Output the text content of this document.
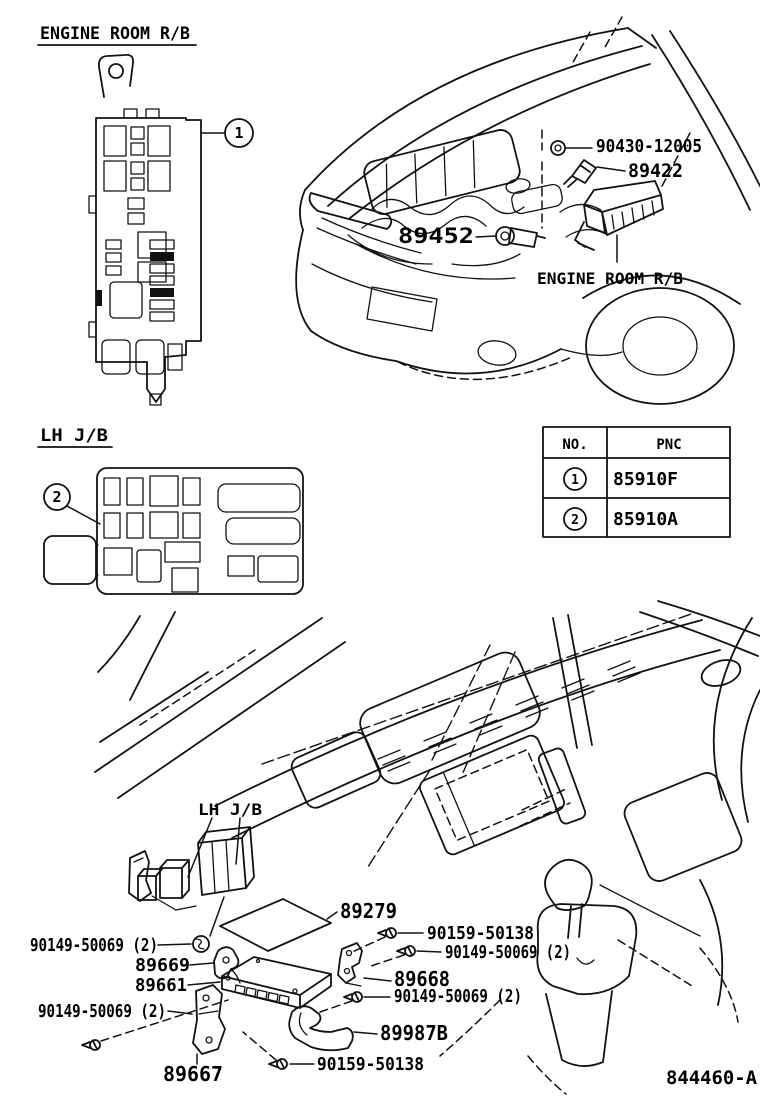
ENGINE ROOM R/B
1
90430-12005
89422
89452
ENGINE ROOM R/B
LH J/B
2
NO.	PNC
1 85910F
2 85910A
LH J/B
89279
90159-50138
90149-50069 (2)
89668
90149-50069 (2)
89987B
90159-50138
90149-50069 (2)
89669
89661
90149-50069 (2)
89667	844460-A
